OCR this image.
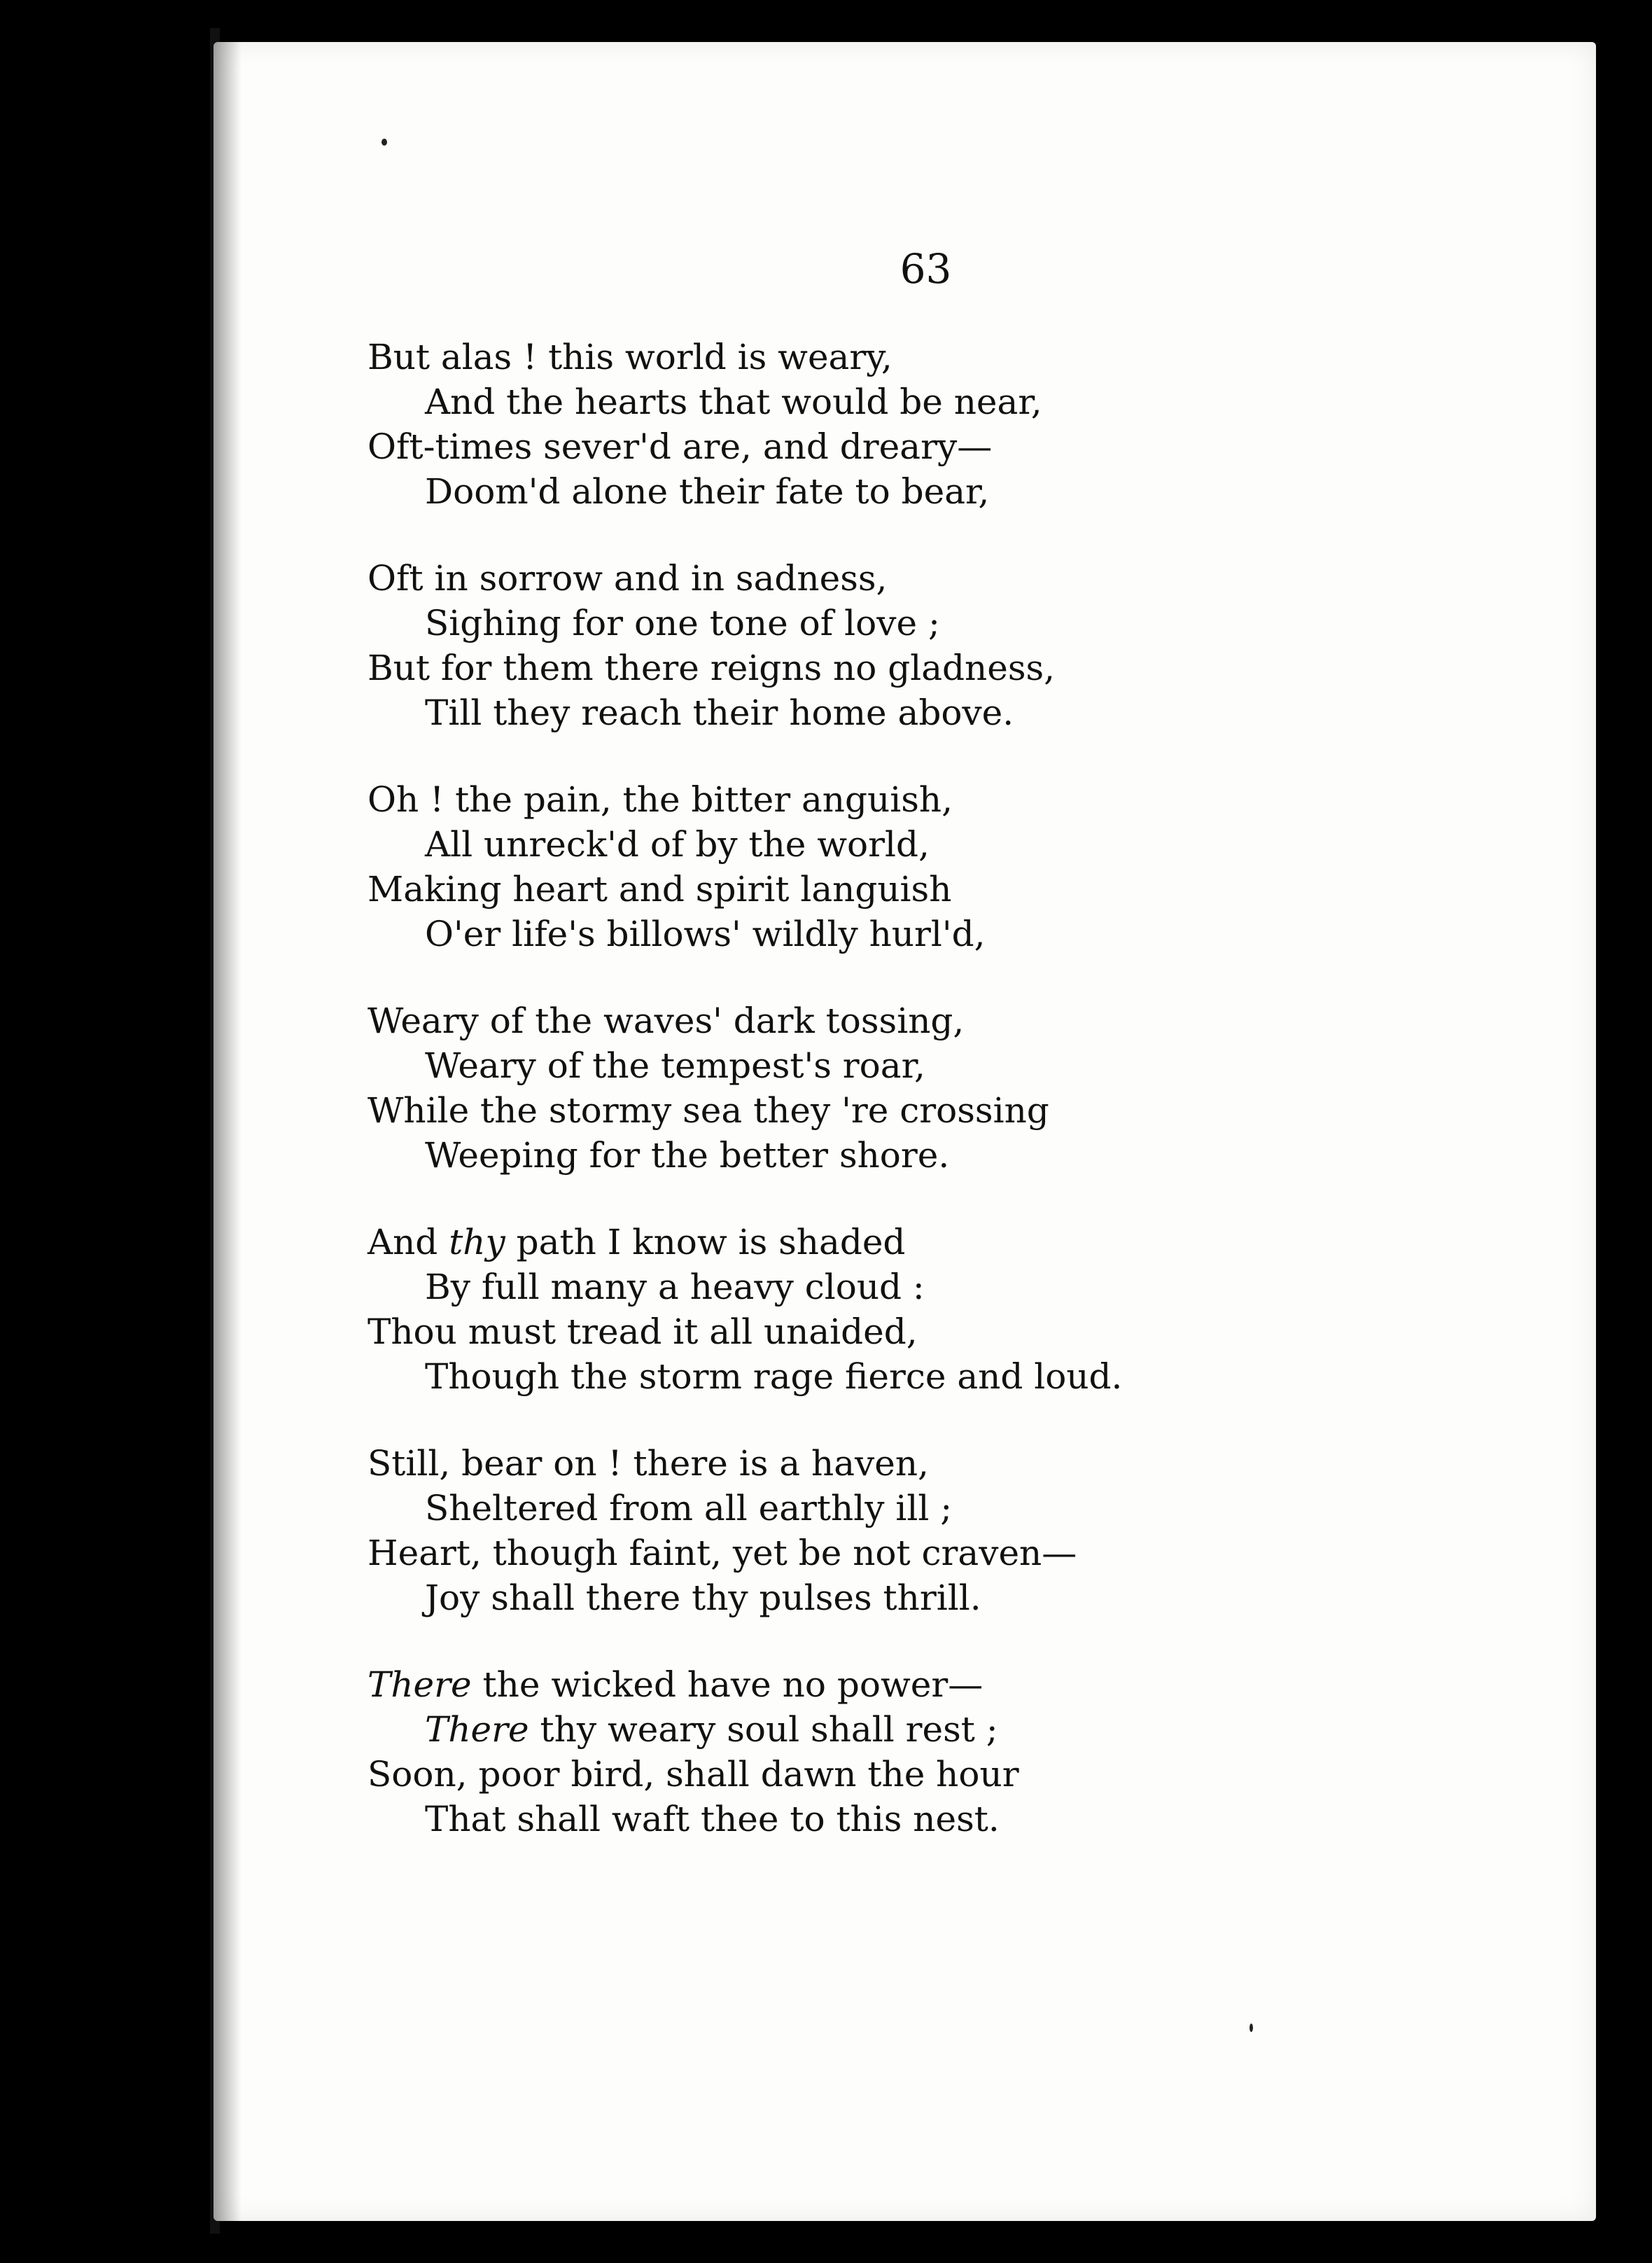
63
But alas ! this world is weary,
And the hearts that would be near,
Oft-times sever'd are, and dreary—
Doom'd alone their fate to bear,
Oft in sorrow and in sadness,
Sighing for one tone of love ;
But for them there reigns no gladness,
Till they reach their home above.
Oh ! the pain, the bitter anguish,
All unreck'd of by the world,
Making heart and spirit languish
O'er life's billows' wildly hurl'd,
Weary of the waves' dark tossing,
Weary of the tempest's roar,
While the stormy sea they 're crossing
Weeping for the better shore.
And thy path I know is shaded
By full many a heavy cloud :
Thou must tread it all unaided,
Though the storm rage fierce and loud.
Still, bear on ! there is a haven,
Sheltered from all earthly ill ;
Heart, though faint, yet be not craven—
Joy shall there thy pulses thrill.
There the wicked have no power—
There thy weary soul shall rest ;
Soon, poor bird, shall dawn the hour
That shall waft thee to this nest.
